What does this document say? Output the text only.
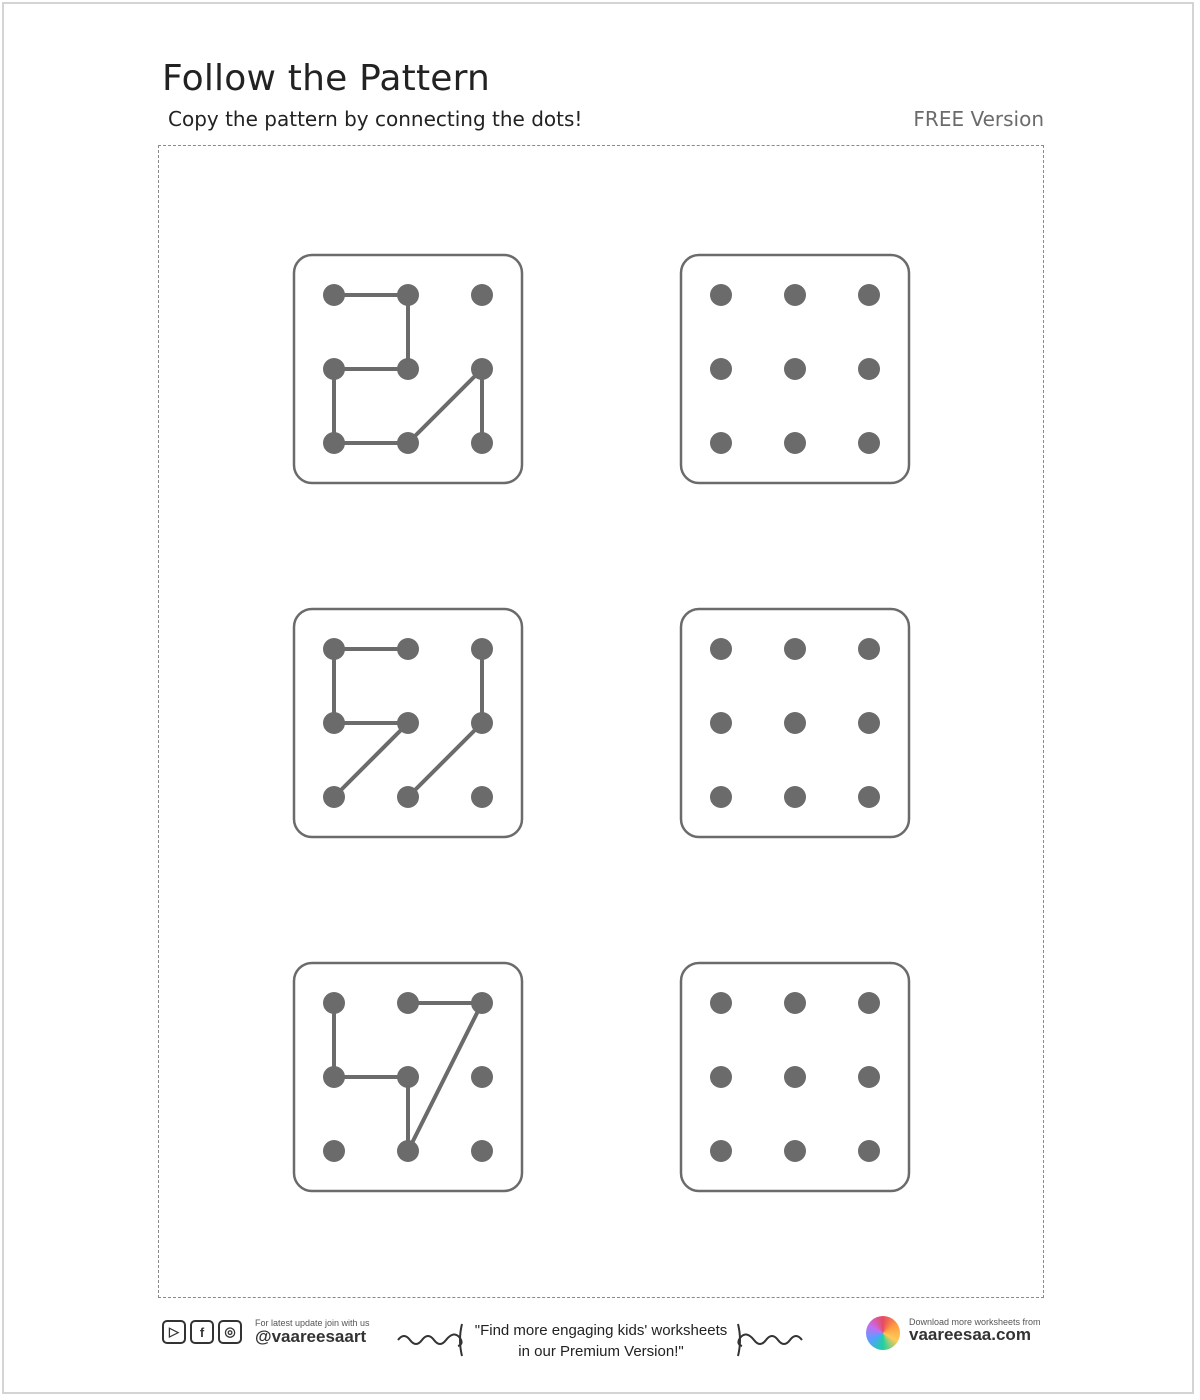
Follow the Pattern
Copy the pattern by connecting the dots!	FREE Version
▷	f	◎
For latest update join with us
@vaareesaart	"Find more engaging kids' worksheets
in our Premium Version!"
Download more worksheets from
vaareesaa.com
